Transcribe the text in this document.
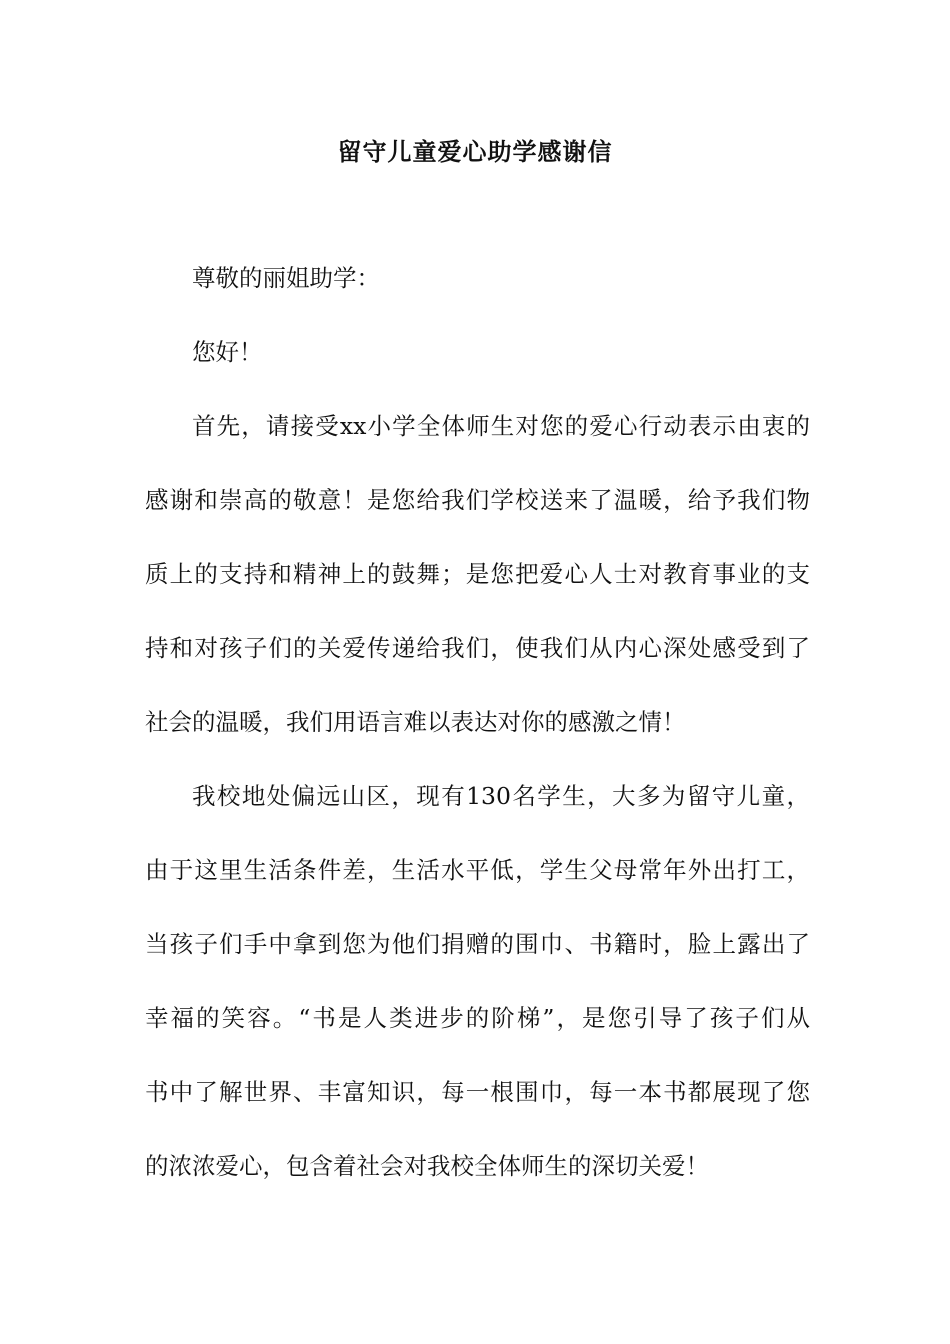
留守儿童爱心助学感谢信

尊敬的丽姐助学：

您好！

首先，请接受xx小学全体师生对您的爱心行动表示由衷的

感谢和崇高的敬意！是您给我们学校送来了温暖，给予我们物

质上的支持和精神上的鼓舞；是您把爱心人士对教育事业的支

持和对孩子们的关爱传递给我们，使我们从内心深处感受到了

社会的温暖，我们用语言难以表达对你的感激之情！

我校地处偏远山区，现有130名学生，大多为留守儿童，

由于这里生活条件差，生活水平低，学生父母常年外出打工，

当孩子们手中拿到您为他们捐赠的围巾、书籍时，脸上露出了

幸福的笑容。“书是人类进步的阶梯”，是您引导了孩子们从

书中了解世界、丰富知识，每一根围巾，每一本书都展现了您

的浓浓爱心，包含着社会对我校全体师生的深切关爱！
